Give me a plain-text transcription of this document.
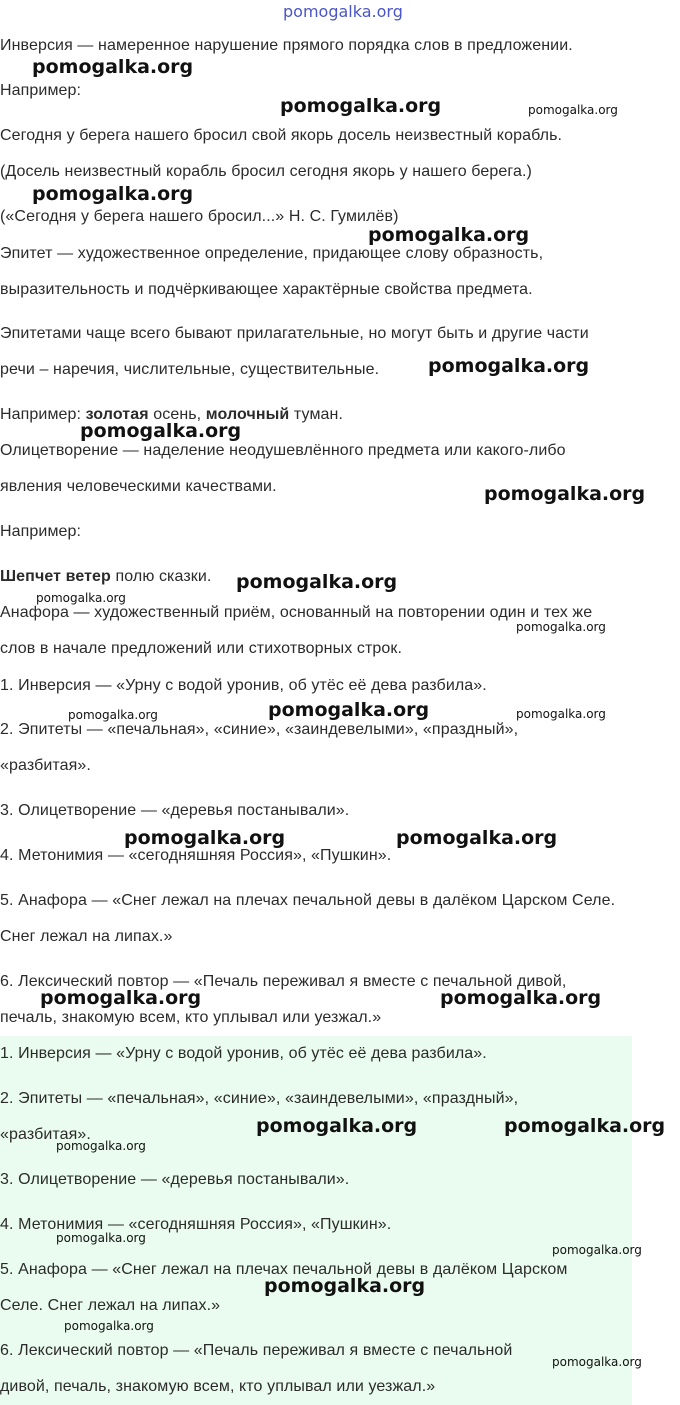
Инверсия — намеренное нарушение прямого порядка слов в предложении.
Например:
Сегодня у берега нашего бросил свой якорь досель неизвестный корабль.
(Досель неизвестный корабль бросил сегодня якорь у нашего берега.)
(«Сегодня у берега нашего бросил...» Н. С. Гумилёв)
Эпитет — художественное определение, придающее слову образность,
выразительность и подчёркивающее характёрные свойства предмета.
Эпитетами чаще всего бывают прилагательные, но могут быть и другие части
речи – наречия, числительные, существительные.
Например: золотая осень, молочный туман.
Олицетворение — наделение неодушевлённого предмета или какого-либо
явления человеческими качествами.
Например:
Шепчет ветер полю сказки.
Анафора — художественный приём, основанный на повторении один и тех же
слов в начале предложений или стихотворных строк.
1. Инверсия — «Урну с водой уронив, об утёс её дева разбила».
2. Эпитеты — «печальная», «синие», «заиндевелыми», «праздный»,
«разбитая».
3. Олицетворение — «деревья постанывали».
4. Метонимия — «сегодняшняя Россия», «Пушкин».
5. Анафора — «Снег лежал на плечах печальной девы в далёком Царском Селе.
Снег лежал на липах.»
6. Лексический повтор — «Печаль переживал я вместе с печальной дивой,
печаль, знакомую всем, кто уплывал или уезжал.»
1. Инверсия — «Урну с водой уронив, об утёс её дева разбила».
2. Эпитеты — «печальная», «синие», «заиндевелыми», «праздный»,
«разбитая».
3. Олицетворение — «деревья постанывали».
4. Метонимия — «сегодняшняя Россия», «Пушкин».
5. Анафора — «Снег лежал на плечах печальной девы в далёком Царском
Селе. Снег лежал на липах.»
6. Лексический повтор — «Печаль переживал я вместе с печальной
дивой, печаль, знакомую всем, кто уплывал или уезжал.»
pomogalka.org
pomogalka.org
pomogalka.org	pomogalka.org
pomogalka.org
pomogalka.org
pomogalka.org
pomogalka.org
pomogalka.org
pomogalka.org
pomogalka.org
pomogalka.org
pomogalka.org	pomogalka.org	pomogalka.org
pomogalka.org	pomogalka.org
pomogalka.org	pomogalka.org
pomogalka.org
pomogalka.org	pomogalka.org
pomogalka.org
pomogalka.org
pomogalka.org
pomogalka.org
pomogalka.org
